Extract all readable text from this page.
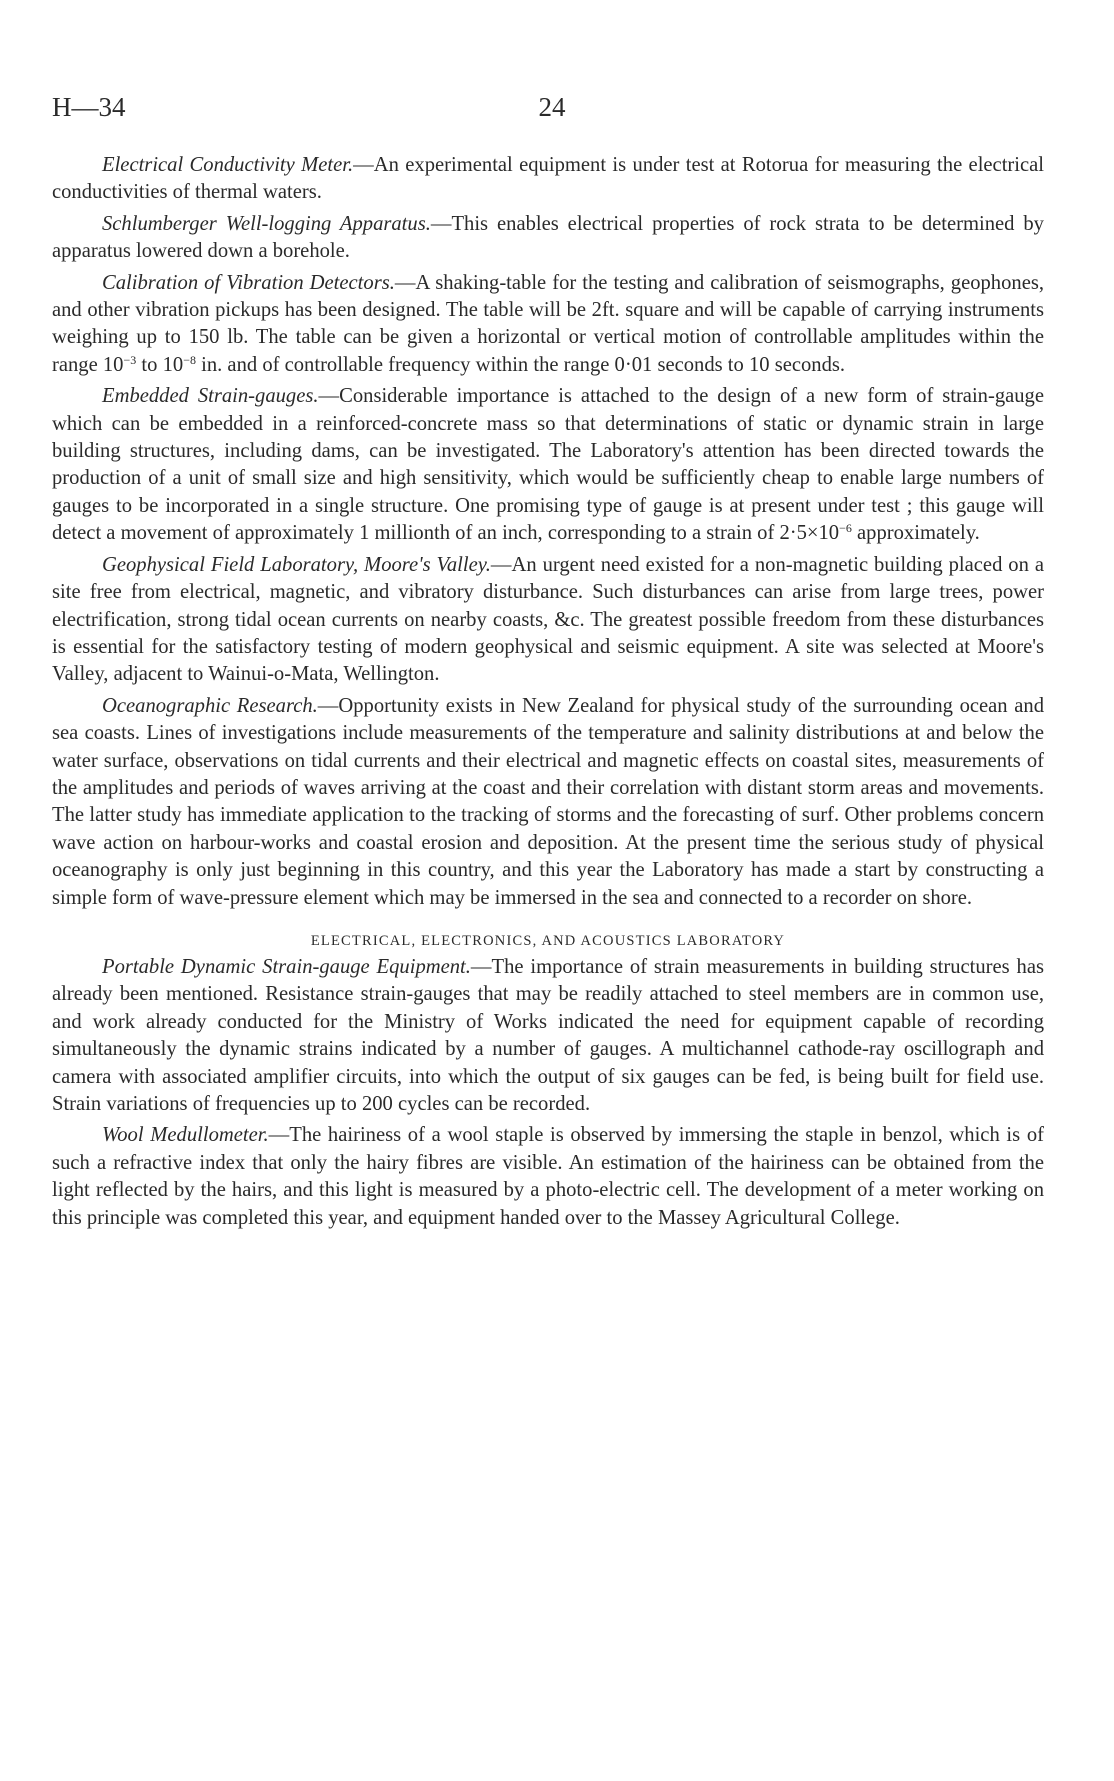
H—34	24

Electrical Conductivity Meter.—An experimental equipment is under test at Rotorua for measuring the electrical conductivities of thermal waters.

Schlumberger Well-logging Apparatus.—This enables electrical properties of rock strata to be determined by apparatus lowered down a borehole.

Calibration of Vibration Detectors.—A shaking-table for the testing and calibration of seismographs, geophones, and other vibration pickups has been designed. The table will be 2ft. square and will be capable of carrying instruments weighing up to 150 lb. The table can be given a horizontal or vertical motion of controllable amplitudes within the range $10^{-3}$ to $10^{-8}$ in. and of controllable frequency within the range 0·01 seconds to 10 seconds.

Embedded Strain-gauges.—Considerable importance is attached to the design of a new form of strain-gauge which can be embedded in a reinforced-concrete mass so that determinations of static or dynamic strain in large building structures, including dams, can be investigated. The Laboratory's attention has been directed towards the production of a unit of small size and high sensitivity, which would be sufficiently cheap to enable large numbers of gauges to be incorporated in a single structure. One promising type of gauge is at present under test ; this gauge will detect a movement of approximately 1 millionth of an inch, corresponding to a strain of $2\cdot 5\times 10^{-6}$ approximately.

Geophysical Field Laboratory, Moore's Valley.—An urgent need existed for a non-magnetic building placed on a site free from electrical, magnetic, and vibratory disturbance. Such disturbances can arise from large trees, power electrification, strong tidal ocean currents on nearby coasts, &c. The greatest possible freedom from these disturbances is essential for the satisfactory testing of modern geophysical and seismic equipment. A site was selected at Moore's Valley, adjacent to Wainui-o-Mata, Wellington.

Oceanographic Research.—Opportunity exists in New Zealand for physical study of the surrounding ocean and sea coasts. Lines of investigations include measurements of the temperature and salinity distributions at and below the water surface, observations on tidal currents and their electrical and magnetic effects on coastal sites, measurements of the amplitudes and periods of waves arriving at the coast and their correlation with distant storm areas and movements. The latter study has immediate application to the tracking of storms and the forecasting of surf. Other problems concern wave action on harbour-works and coastal erosion and deposition. At the present time the serious study of physical oceanography is only just beginning in this country, and this year the Laboratory has made a start by constructing a simple form of wave-pressure element which may be immersed in the sea and connected to a recorder on shore.

ELECTRICAL, ELECTRONICS, AND ACOUSTICS LABORATORY

Portable Dynamic Strain-gauge Equipment.—The importance of strain measurements in building structures has already been mentioned. Resistance strain-gauges that may be readily attached to steel members are in common use, and work already conducted for the Ministry of Works indicated the need for equipment capable of recording simultaneously the dynamic strains indicated by a number of gauges. A multichannel cathode-ray oscillograph and camera with associated amplifier circuits, into which the output of six gauges can be fed, is being built for field use. Strain variations of frequencies up to 200 cycles can be recorded.

Wool Medullometer.—The hairiness of a wool staple is observed by immersing the staple in benzol, which is of such a refractive index that only the hairy fibres are visible. An estimation of the hairiness can be obtained from the light reflected by the hairs, and this light is measured by a photo-electric cell. The development of a meter working on this principle was completed this year, and equipment handed over to the Massey Agricultural College.
